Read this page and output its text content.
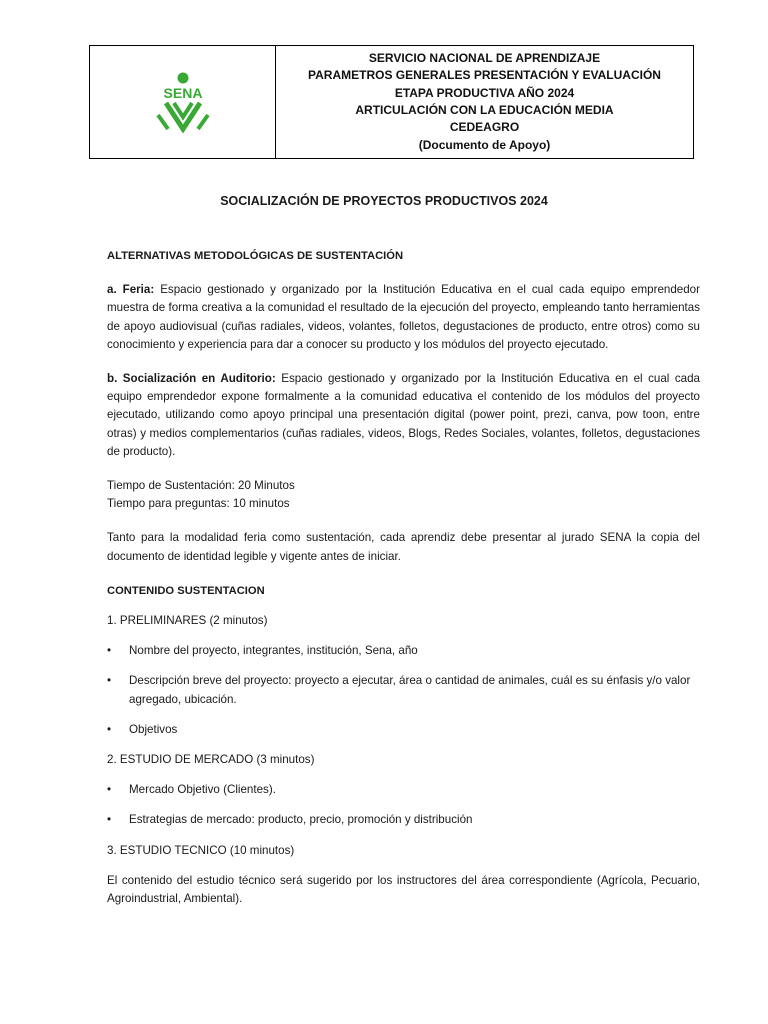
SENA
SERVICIO NACIONAL DE APRENDIZAJE
PARAMETROS GENERALES PRESENTACIÓN Y EVALUACIÓN
ETAPA PRODUCTIVA AÑO 2024
ARTICULACIÓN CON LA EDUCACIÓN MEDIA
CEDEAGRO
(Documento de Apoyo)
SOCIALIZACIÓN DE PROYECTOS PRODUCTIVOS 2024
ALTERNATIVAS METODOLÓGICAS DE SUSTENTACIÓN
a. Feria: Espacio gestionado y organizado por la Institución Educativa en el cual cada equipo emprendedor muestra de forma creativa a la comunidad el resultado de la ejecución del proyecto, empleando tanto herramientas de apoyo audiovisual (cuñas radiales, videos, volantes, folletos, degustaciones de producto, entre otros) como su conocimiento y experiencia para dar a conocer su producto y los módulos del proyecto ejecutado.
b. Socialización en Auditorio: Espacio gestionado y organizado por la Institución Educativa en el cual cada equipo emprendedor expone formalmente a la comunidad educativa el contenido de los módulos del proyecto ejecutado, utilizando como apoyo principal una presentación digital (power point, prezi, canva, pow toon, entre otras) y medios complementarios (cuñas radiales, videos, Blogs, Redes Sociales, volantes, folletos, degustaciones de producto).
Tiempo de Sustentación: 20 Minutos
Tiempo para preguntas: 10 minutos
Tanto para la modalidad feria como sustentación, cada aprendiz debe presentar al jurado SENA la copia del documento de identidad legible y vigente antes de iniciar.
CONTENIDO SUSTENTACION
1. PRELIMINARES (2 minutos)
•	Nombre del proyecto, integrantes, institución, Sena, año
•	Descripción breve del proyecto: proyecto a ejecutar, área o cantidad de animales, cuál es su énfasis y/o valor agregado, ubicación.
•	Objetivos
2. ESTUDIO DE MERCADO (3 minutos)
•	Mercado Objetivo (Clientes).
•	Estrategias de mercado: producto, precio, promoción y distribución
3. ESTUDIO TECNICO (10 minutos)
El contenido del estudio técnico será sugerido por los instructores del área correspondiente (Agrícola, Pecuario, Agroindustrial, Ambiental).
